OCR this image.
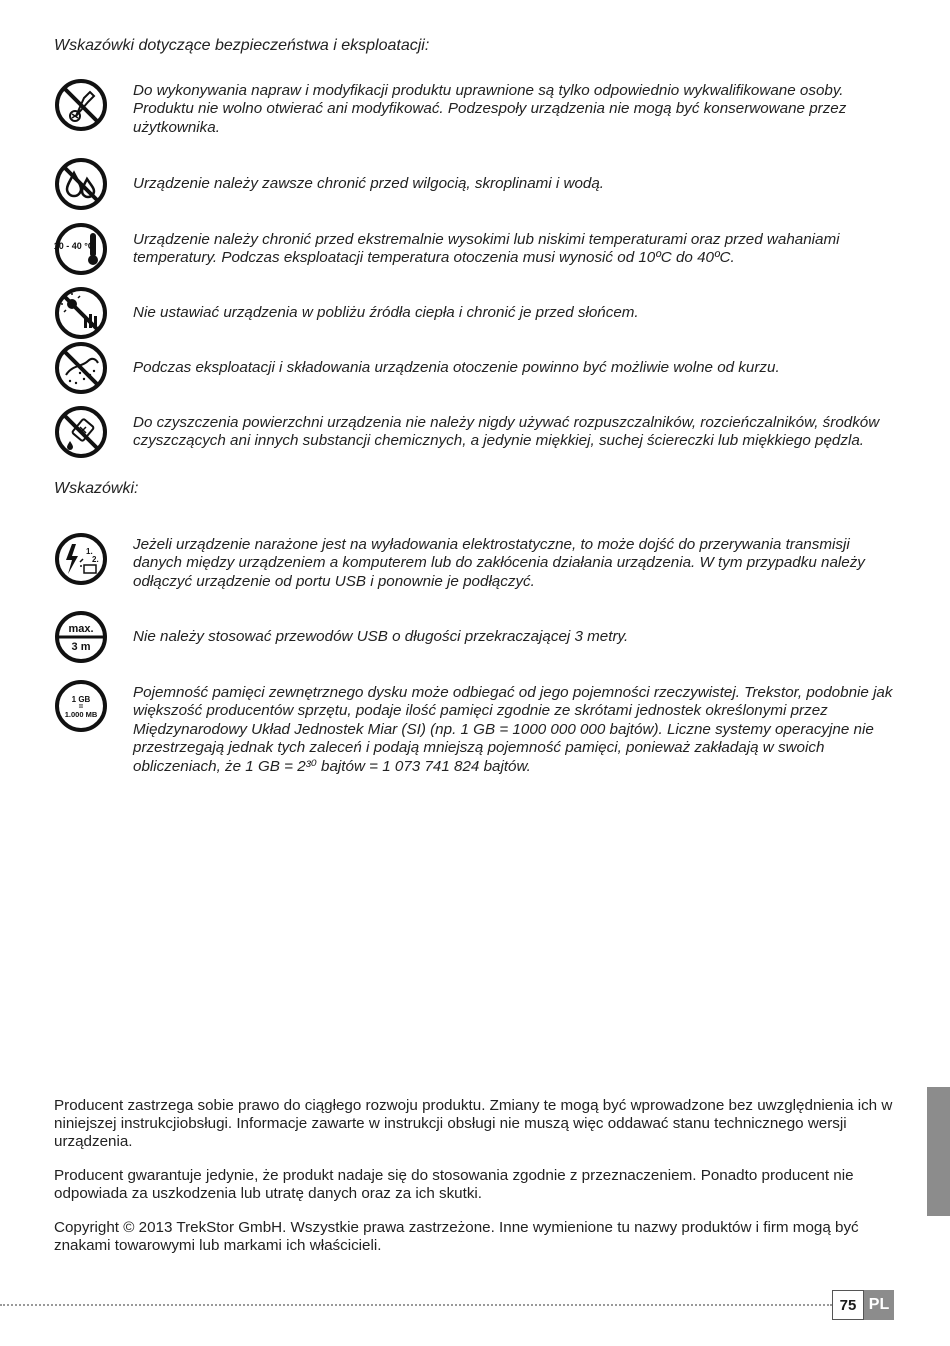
Wskazówki dotyczące bezpieczeństwa i eksploatacji:
Do wykonywania napraw i modyfikacji produktu uprawnione są tylko odpowiednio wykwalifikowane osoby. Produktu nie wolno otwierać ani modyfikować. Podzespoły urządzenia nie mogą być konserwowane przez użytkownika.
Urządzenie należy zawsze chronić przed wilgocią, skroplinami i wodą.
10 - 40 °C	Urządzenie należy chronić przed ekstremalnie wysokimi lub niskimi temperaturami oraz przed wahaniami temperatury. Podczas eksploatacji temperatura otoczenia musi wynosić od 10ºC do 40ºC.
Nie ustawiać urządzenia w pobliżu źródła ciepła i chronić je przed słońcem.
Podczas eksploatacji i składowania urządzenia otoczenie powinno być możliwie wolne od kurzu.
Do czyszczenia powierzchni urządzenia nie należy nigdy używać rozpuszczalników, rozcieńczalników, środków czyszczących ani innych substancji chemicznych, a jedynie miękkiej, suchej ściereczki lub miękkiego pędzla.
Wskazówki:
1.
2.
Jeżeli urządzenie narażone jest na wyładowania elektrostatyczne, to może dojść do przerywania transmisji danych między urządzeniem a komputerem lub do zakłócenia działania urządzenia. W tym przypadku należy odłączyć urządzenie od portu USB i ponownie je podłączyć.
max.
3 m
Nie należy stosować przewodów USB o długości przekraczającej 3 metry.
1 GB
=
1.000 MB
Pojemność pamięci zewnętrznego dysku może odbiegać od jego pojemności rzeczywistej. Trekstor, podobnie jak większość producentów sprzętu, podaje ilość pamięci zgodnie ze skrótami jednostek określonymi przez Międzynarodowy Układ Jednostek Miar (SI) (np. 1 GB = 1000 000 000 bajtów). Liczne systemy operacyjne nie przestrzegają jednak tych zaleceń i podają mniejszą pojemność pamięci, ponieważ zakładają w swoich obliczeniach, że 1 GB = 2³⁰ bajtów = 1 073 741 824 bajtów.
Producent zastrzega sobie prawo do ciągłego rozwoju produktu. Zmiany te mogą być wprowadzone bez uwzględnienia ich w niniejszej instrukcjiobsługi. Informacje zawarte w instrukcji obsługi nie muszą więc oddawać stanu technicznego wersji urządzenia.
Producent gwarantuje jedynie, że produkt nadaje się do stosowania zgodnie z przeznaczeniem. Ponadto producent nie odpowiada za uszkodzenia lub utratę danych oraz za ich skutki.
Copyright © 2013 TrekStor GmbH. Wszystkie prawa zastrzeżone. Inne wymienione tu nazwy produktów i firm mogą być znakami towarowymi lub markami ich właścicieli.
75 PL
